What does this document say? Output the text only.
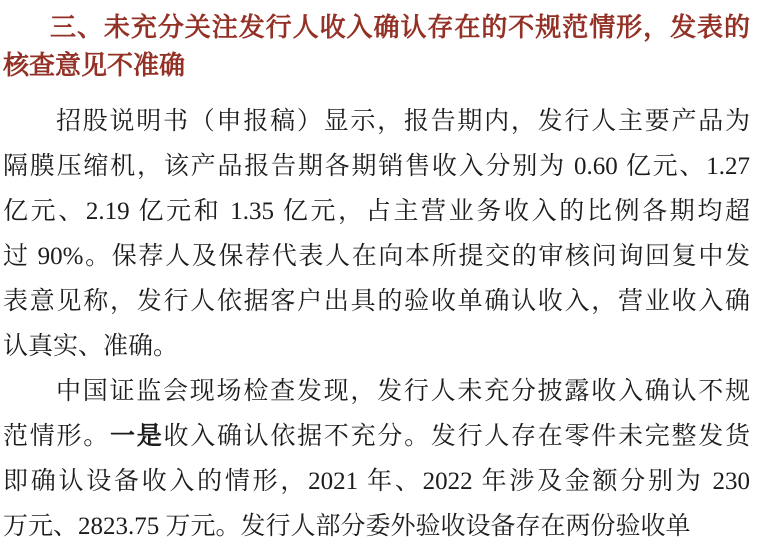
三、未充分关注发行人收入确认存在的不规范情形，发表的
核查意见不准确
招股说明书（申报稿）显示，报告期内，发行人主要产品为
隔膜压缩机，该产品报告期各期销售收入分别为 0.60 亿元、1.27
亿元、2.19 亿元和 1.35 亿元，占主营业务收入的比例各期均超
过 90%。保荐人及保荐代表人在向本所提交的审核问询回复中发
表意见称，发行人依据客户出具的验收单确认收入，营业收入确
认真实、准确。
中国证监会现场检查发现，发行人未充分披露收入确认不规
范情形。一是收入确认依据不充分。发行人存在零件未完整发货
即确认设备收入的情形，2021 年、2022 年涉及金额分别为 230
万元、2823.75 万元。发行人部分委外验收设备存在两份验收单
